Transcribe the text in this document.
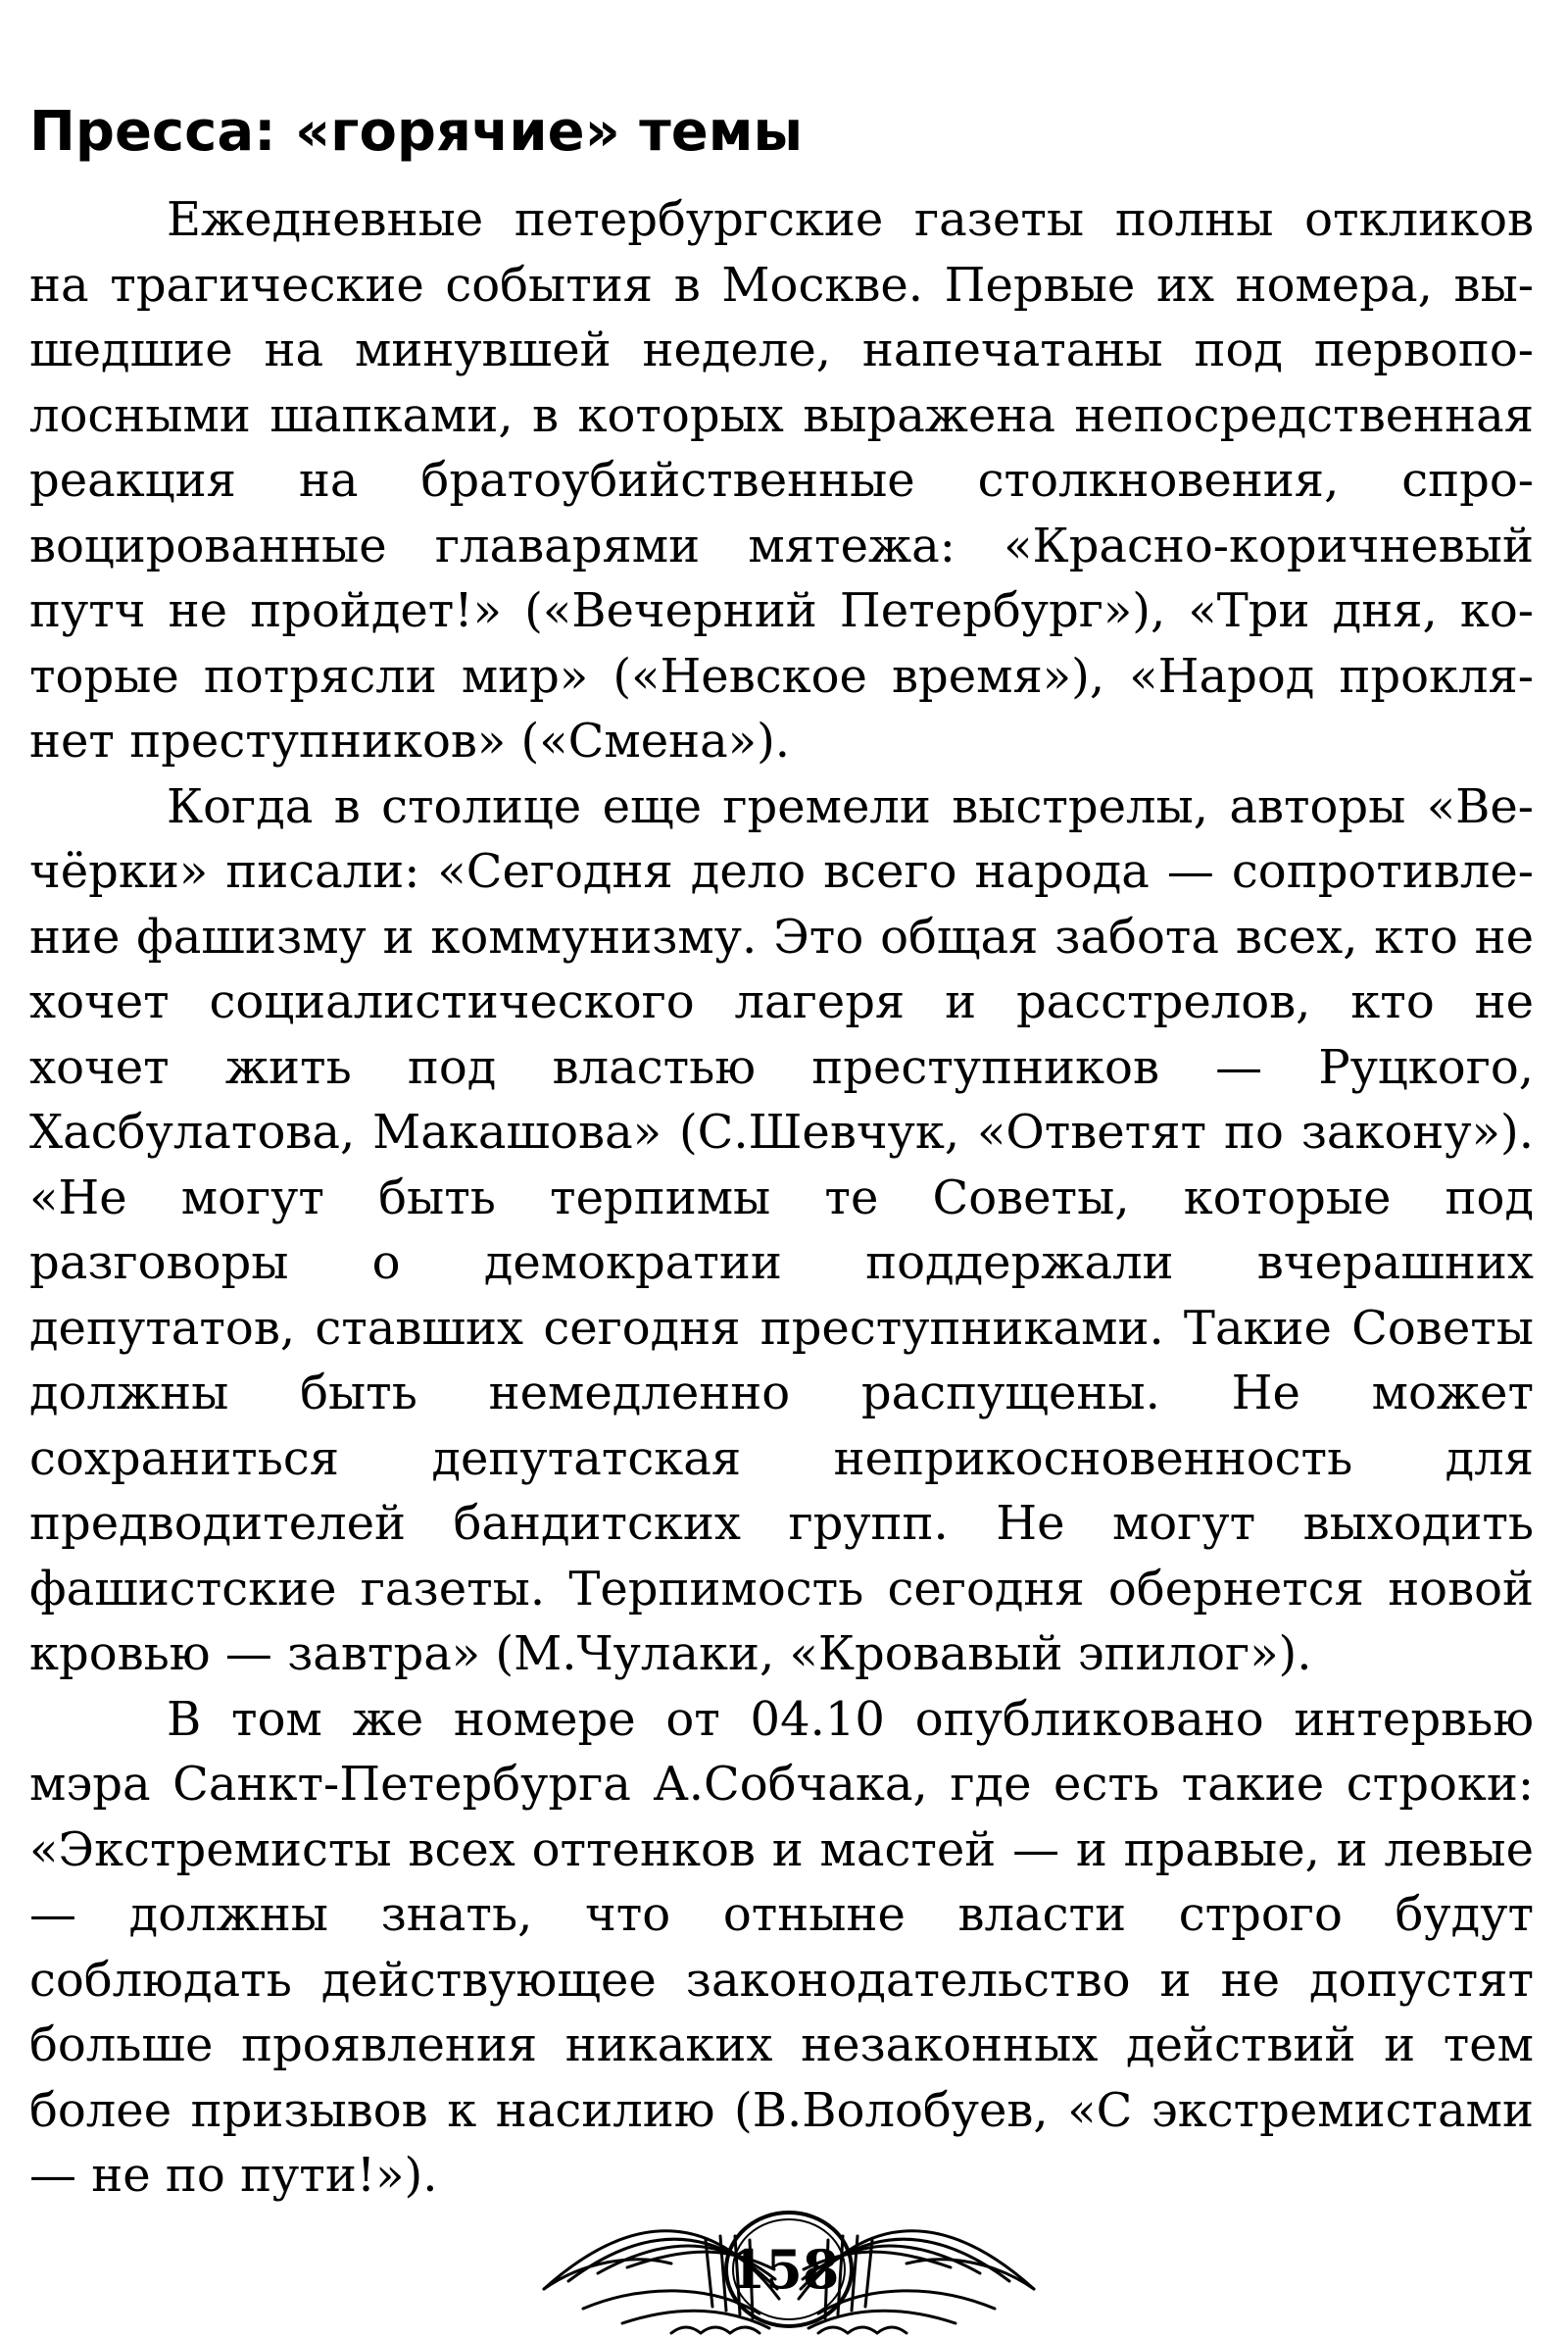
Пресса: «горячие» темы

Ежедневные петербургские газеты полны откликов на трагические события в Москве. Первые их номера, вышедшие на минувшей неделе, напечатаны под первополосными шапками, в которых выражена непосредственная реакция на братоубийственные столкновения, спровоцированные главарями мятежа: «Красно-коричневый путч не пройдет!» («Вечерний Петербург»), «Три дня, которые потрясли мир» («Невское время»), «Народ проклянет преступников» («Смена»).

Когда в столице еще гремели выстрелы, авторы «Вечёрки» писали: «Сегодня дело всего народа — сопротивление фашизму и коммунизму. Это общая забота всех, кто не хочет социалистического лагеря и расстрелов, кто не хочет жить под властью преступников — Руцкого, Хасбулатова, Макашова» (С.Шевчук, «Ответят по закону»). «Не могут быть терпимы те Советы, которые под разговоры о демократии поддержали вчерашних депутатов, ставших сегодня преступниками. Такие Советы должны быть немедленно распущены. Не может сохраниться депутатская неприкосновенность для предводителей бандитских групп. Не могут выходить фашистские газеты. Терпимость сегодня обернется новой кровью — завтра» (М.Чулаки, «Кровавый эпилог»).

В том же номере от 04.10 опубликовано интервью мэра Санкт-Петербурга А.Собчака, где есть такие строки: «Экстремисты всех оттенков и мастей — и правые, и левые — должны знать, что отныне власти строго будут соблюдать действующее законодательство и не допустят больше проявления никаких незаконных действий и тем более призывов к насилию (В.Волобуев, «С экстремистами — не по пути!»).

158
